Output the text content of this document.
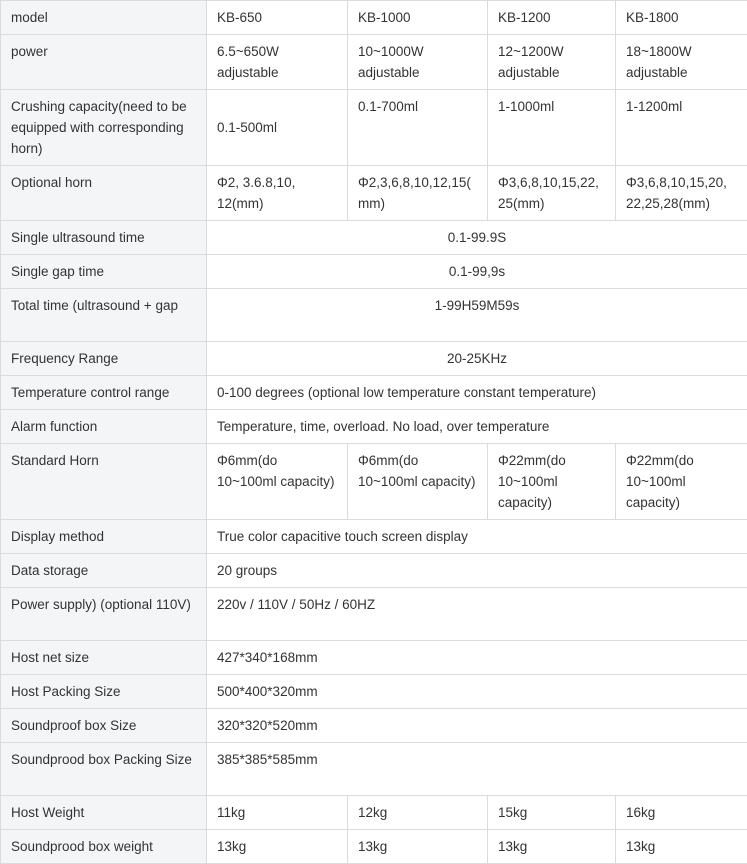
model	KB-650	KB-1000	KB-1200	KB-1800
power	6.5~650W adjustable	10~1000W adjustable	12~1200W adjustable	18~1800W adjustable
Crushing capacity(need to be equipped with corresponding horn)	0.1-500ml	0.1-700ml	1-1000ml	1-1200ml
Optional horn	Φ2, 3.6.8,10, 12(mm)	Φ2,3,6,8,10,12,15( mm)	Φ3,6,8,10,15,22, 25(mm)	Φ3,6,8,10,15,20, 22,25,28(mm)
Single ultrasound time	0.1-99.9S			
Single gap time	0.1-99,9s			
Total time (ultrasound + gap	1-99H59M59s			
Frequency Range	20-25KHz			
Temperature control range	0-100 degrees (optional low temperature constant temperature)			
Alarm function	Temperature, time, overload. No load, over temperature			
Standard Horn	Φ6mm(do 10~100ml capacity)	Φ6mm(do 10~100ml capacity)	Φ22mm(do 10~100ml capacity)	Φ22mm(do 10~100ml capacity)
Display method	True color capacitive touch screen display			
Data storage	20 groups			
Power supply) (optional 110V)	220v / 110V / 50Hz / 60HZ			
Host net size	427*340*168mm			
Host Packing Size	500*400*320mm			
Soundproof box Size	320*320*520mm			
Soundprood box Packing Size	385*385*585mm			
Host Weight	11kg	12kg	15kg	16kg
Soundprood box weight	13kg	13kg	13kg	13kg
